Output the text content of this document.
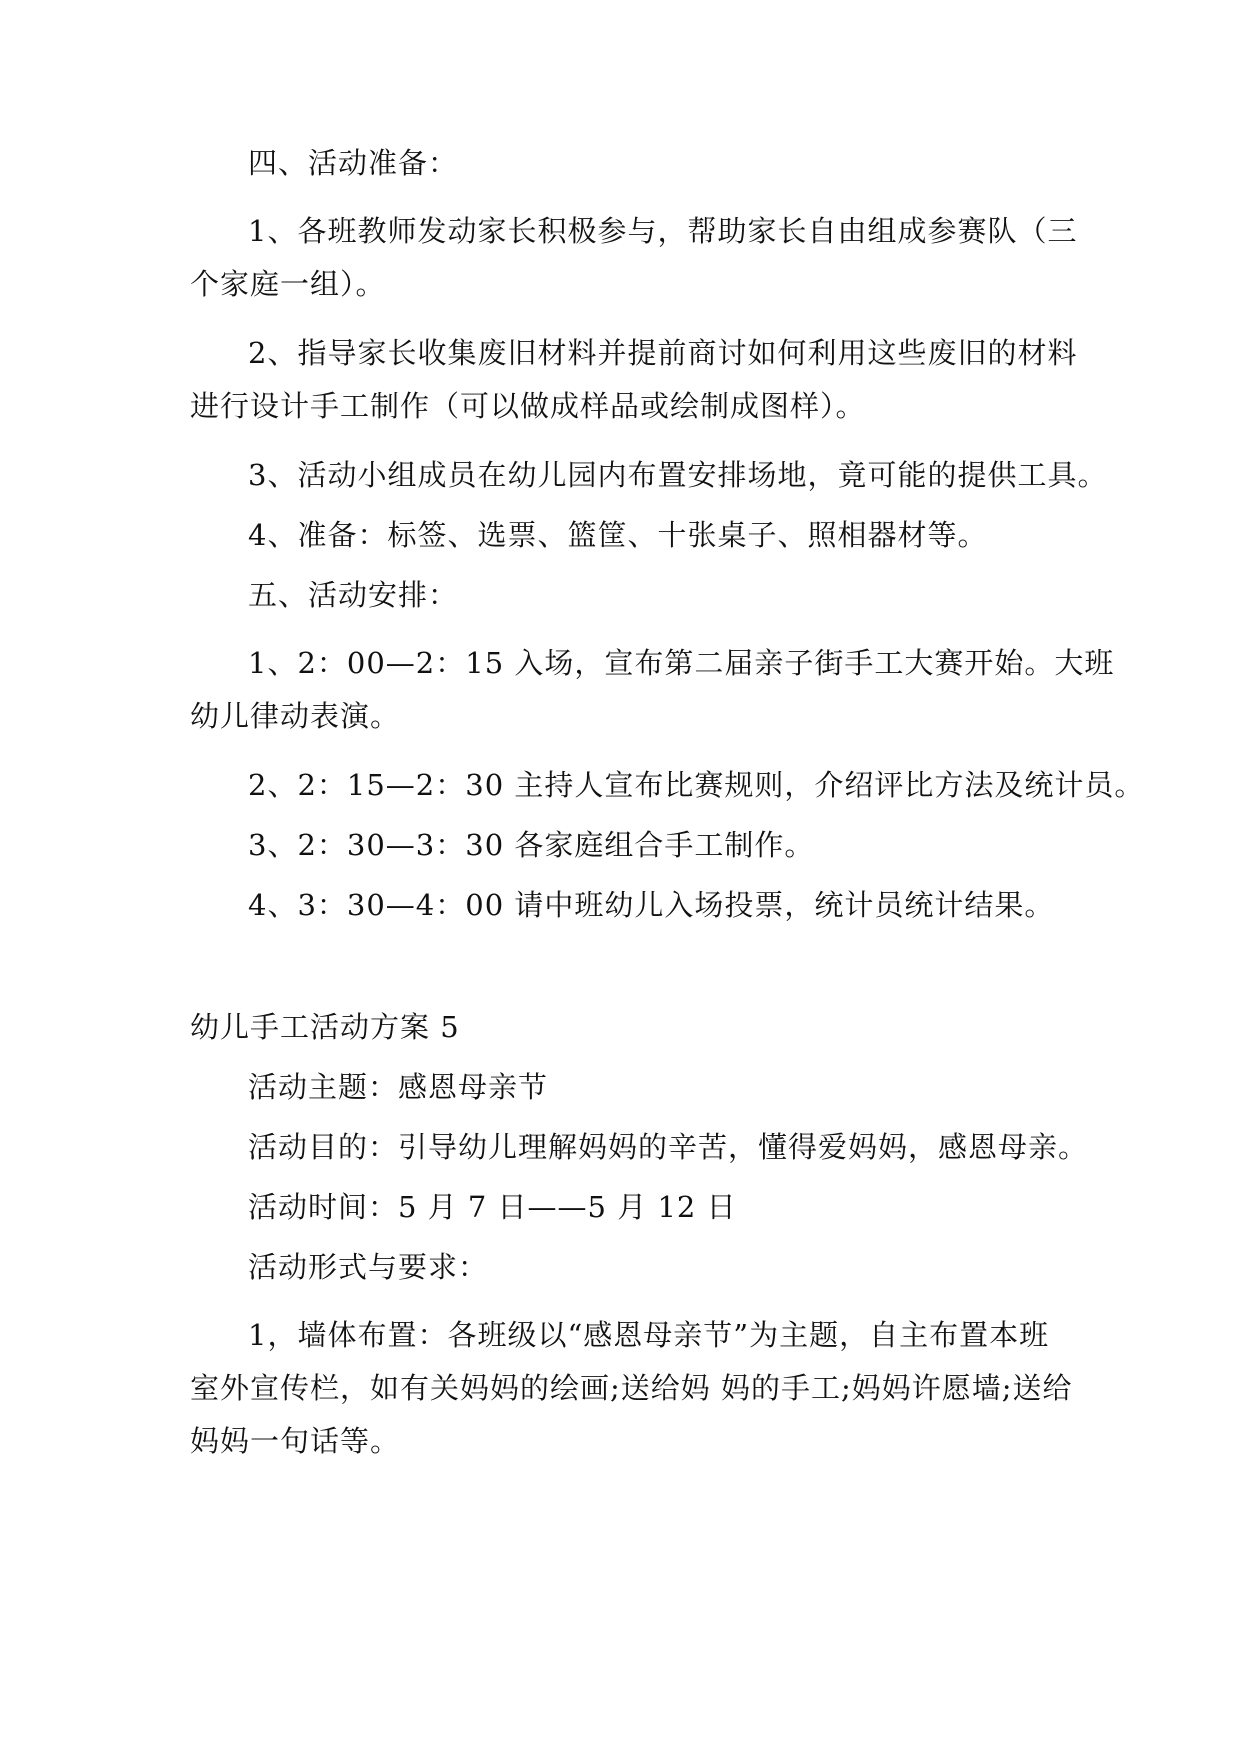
四、活动准备：

1、各班教师发动家长积极参与，帮助家长自由组成参赛队（三

个家庭一组）。

2、指导家长收集废旧材料并提前商讨如何利用这些废旧的材料

进行设计手工制作（可以做成样品或绘制成图样）。

3、活动小组成员在幼儿园内布置安排场地，竟可能的提供工具。

4、准备：标签、选票、篮筐、十张桌子、照相器材等。

五、活动安排：

1、2：00—2：15 入场，宣布第二届亲子街手工大赛开始。大班

幼儿律动表演。

2、2：15—2：30 主持人宣布比赛规则，介绍评比方法及统计员。

3、2：30—3：30 各家庭组合手工制作。

4、3：30—4：00 请中班幼儿入场投票，统计员统计结果。

幼儿手工活动方案 5

活动主题：感恩母亲节

活动目的：引导幼儿理解妈妈的辛苦，懂得爱妈妈，感恩母亲。

活动时间：5 月 7 日——5 月 12 日

活动形式与要求：

1，墙体布置：各班级以“感恩母亲节”为主题，自主布置本班

室外宣传栏，如有关妈妈的绘画;送给妈 妈的手工;妈妈许愿墙;送给

妈妈一句话等。
